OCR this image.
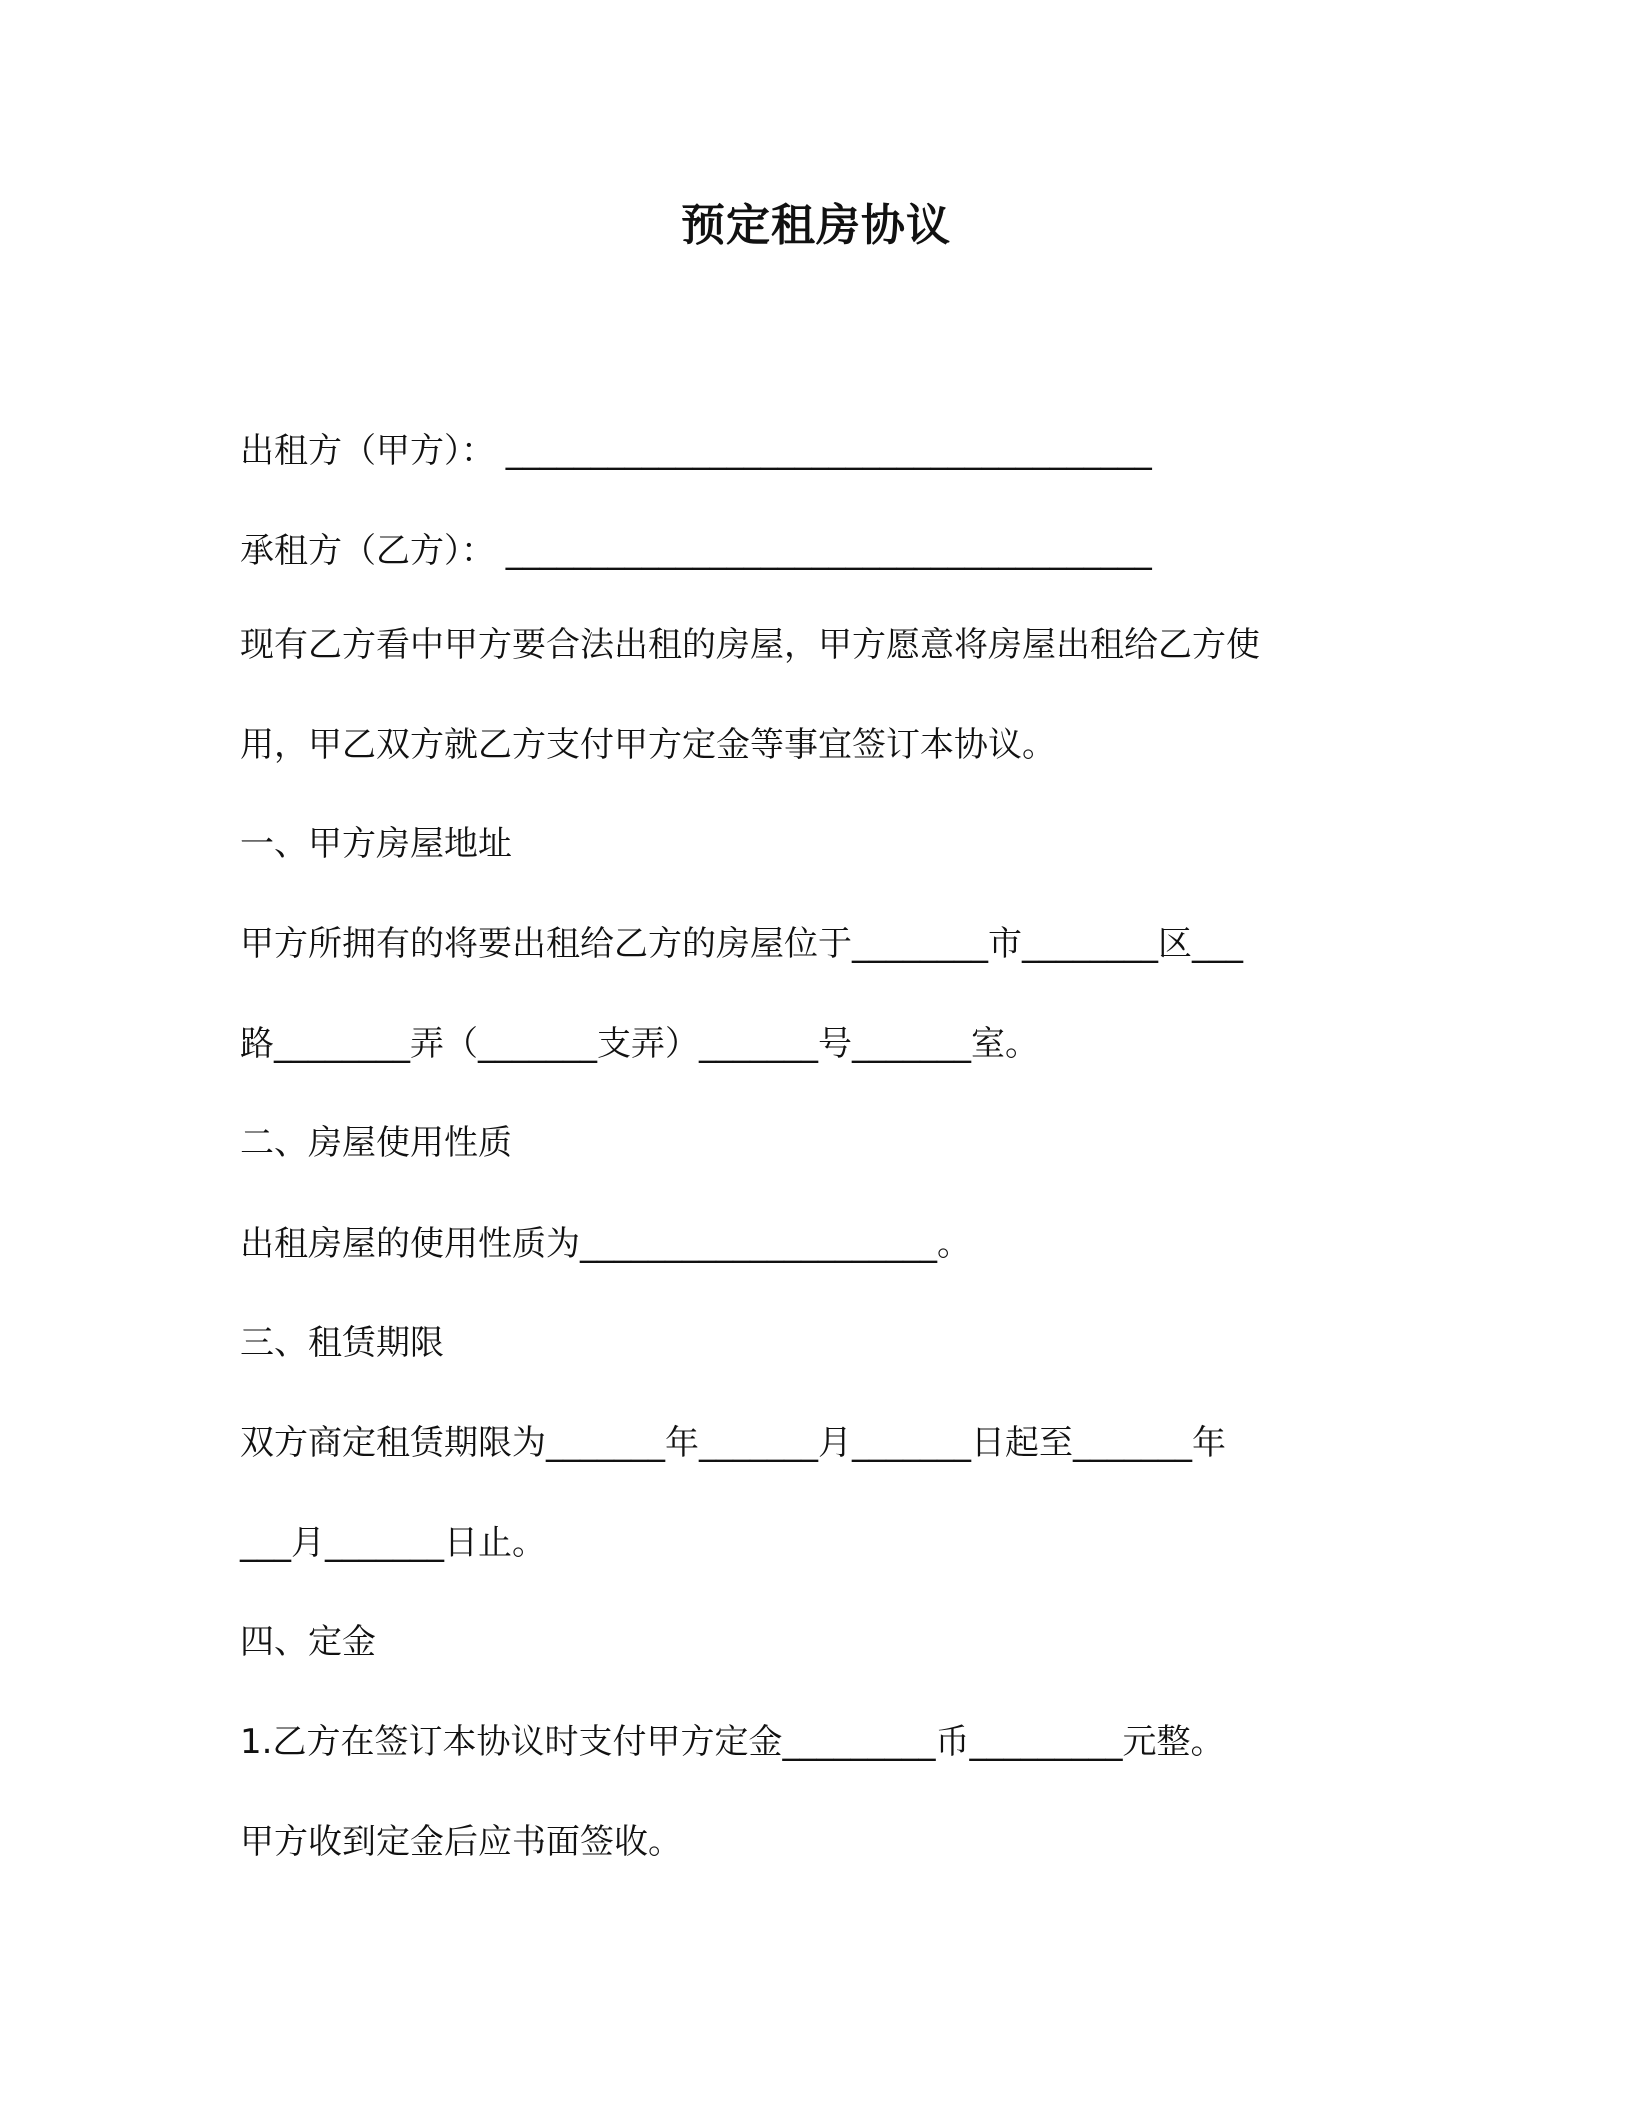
预定租房协议
出租方（甲方）： ______________________________________
承租方（乙方）： ______________________________________
现有乙方看中甲方要合法出租的房屋，甲方愿意将房屋出租给乙方使
用，甲乙双方就乙方支付甲方定金等事宜签订本协议。
一、甲方房屋地址
甲方所拥有的将要出租给乙方的房屋位于________市________区___
路________弄（_______支弄）_______号_______室。
二、房屋使用性质
出租房屋的使用性质为_____________________。
三、租赁期限
双方商定租赁期限为_______年_______月_______日起至_______年
___月_______日止。
四、定金
1.乙方在签订本协议时支付甲方定金_________币_________元整。
甲方收到定金后应书面签收。
